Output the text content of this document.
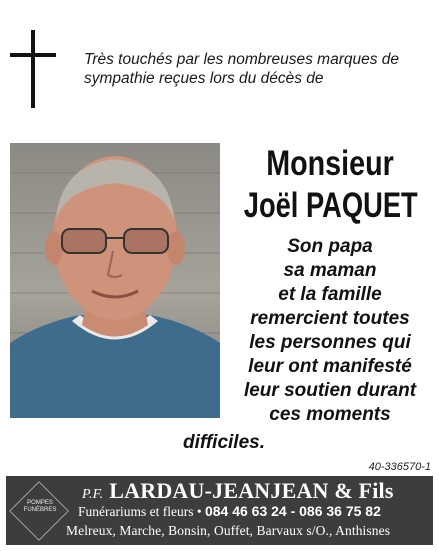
Très touchés par les nombreuses marques de sympathie reçues lors du décès de
Monsieur
Joël PAQUET
Son papa
sa maman
et la famille
remercient toutes
les personnes qui
leur ont manifesté
leur soutien durant
ces moments
difficiles.
40-336570-1
POMPES FUNÈBRES
P.F. LARDAU-JEANJEAN & Fils
Funérariums et fleurs • 084 46 63 24 - 086 36 75 82
Melreux, Marche, Bonsin, Ouffet, Barvaux s/O., Anthisnes
